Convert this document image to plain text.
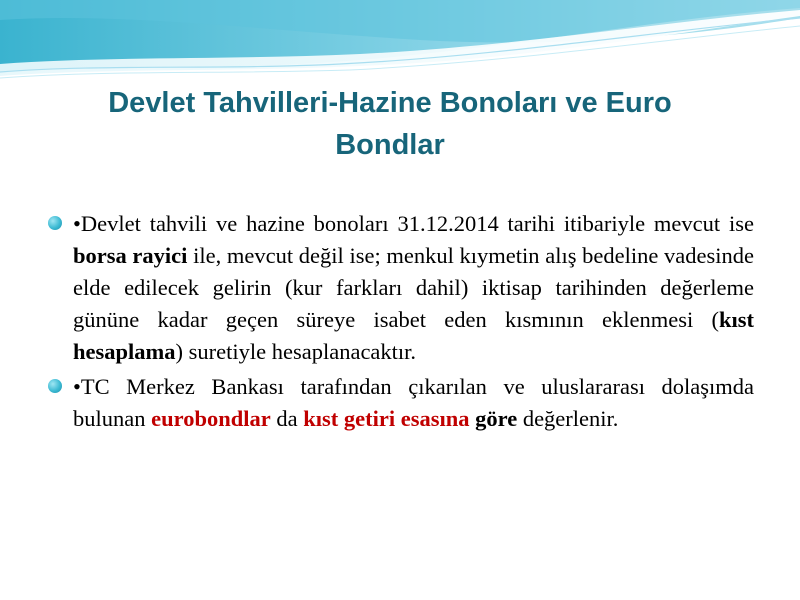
Devlet Tahvilleri-Hazine Bonoları ve Euro
Bondlar

•Devlet tahvili ve hazine bonoları 31.12.2014 tarihi itibariyle mevcut ise borsa rayici ile, mevcut değil ise; menkul kıymetin alış bedeline vadesinde elde edilecek gelirin (kur farkları dahil) iktisap tarihinden değerleme gününe kadar geçen süreye isabet eden kısmının eklenmesi (kıst hesaplama) suretiyle hesaplanacaktır.

•TC Merkez Bankası tarafından çıkarılan ve uluslararası dolaşımda bulunan eurobondlar da kıst getiri esasına göre değerlenir.
